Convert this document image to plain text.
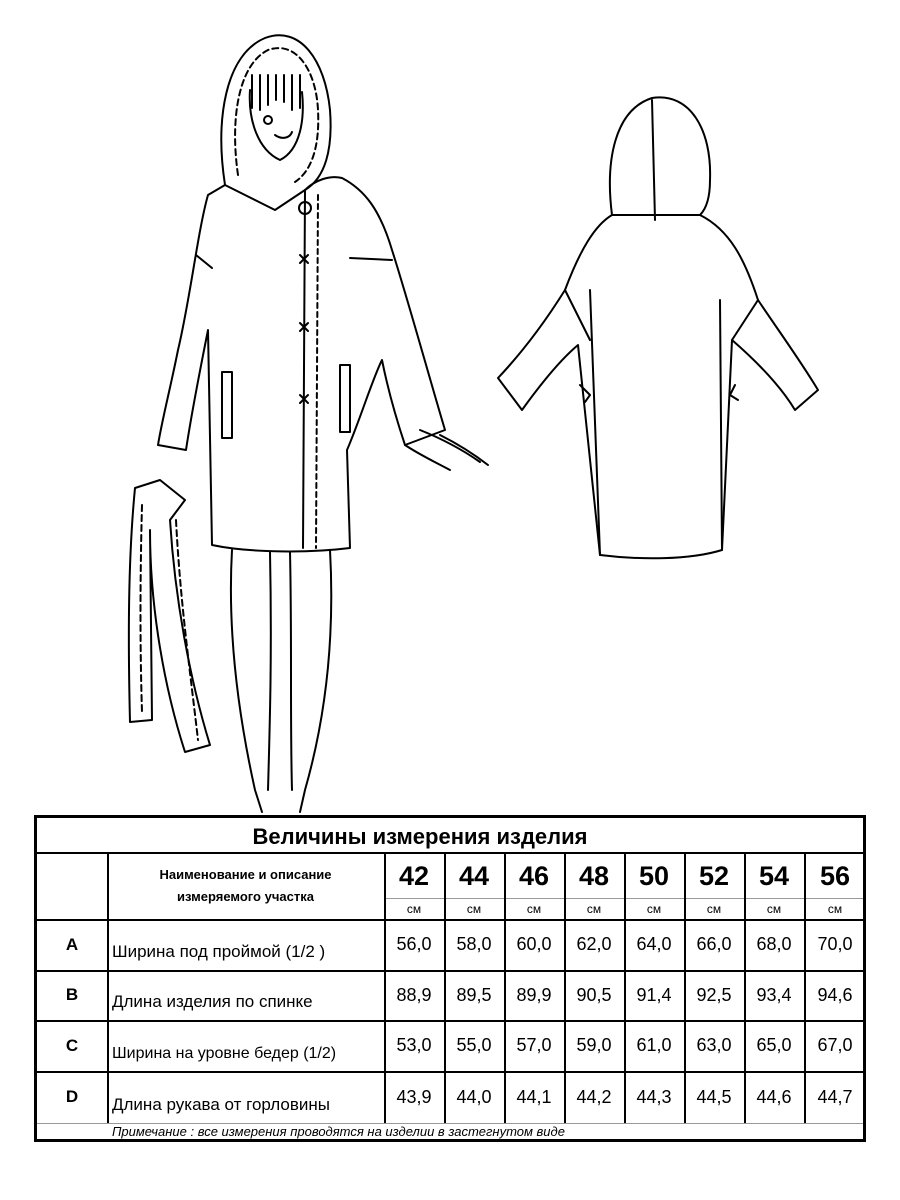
Величины измерения изделия
Наименование и описание
измеряемого участка
42	44	46	48	50	52	54	56
см	см	см	см	см	см	см	см
A	Ширина под проймой (1/2 )	56,0	58,0	60,0	62,0	64,0	66,0	68,0	70,0
B	Длина изделия по спинке	88,9	89,5	89,9	90,5	91,4	92,5	93,4	94,6
C	Ширина на уровне бедер (1/2)	53,0	55,0	57,0	59,0	61,0	63,0	65,0	67,0
D	Длина рукава от горловины	43,9	44,0	44,1	44,2	44,3	44,5	44,6	44,7
Примечание : все измерения проводятся на изделии в застегнутом виде
